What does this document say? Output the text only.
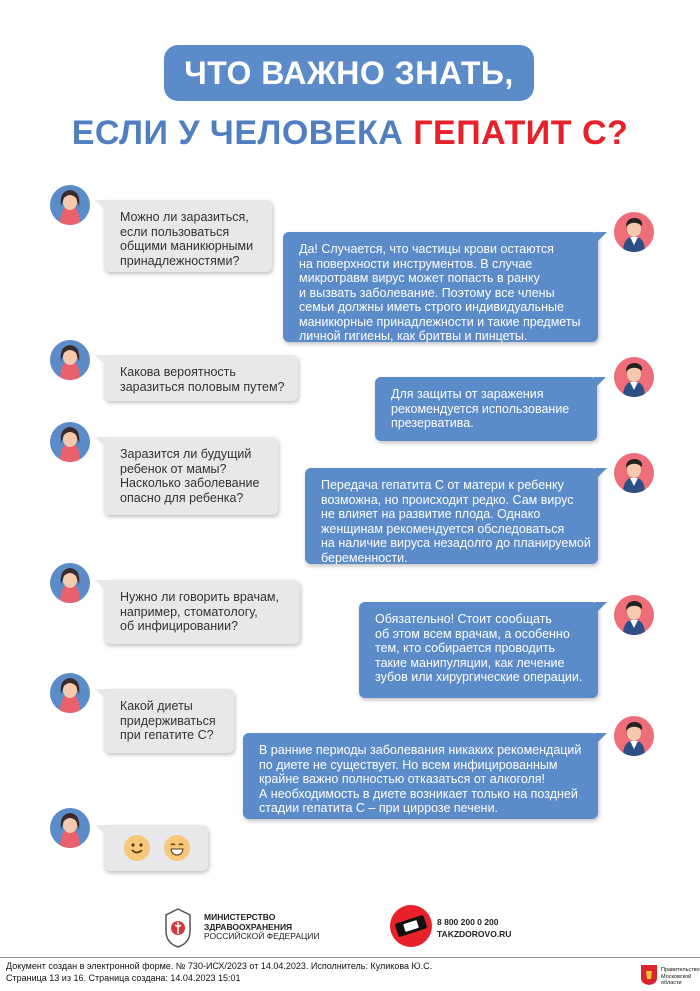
ЧТО ВАЖНО ЗНАТЬ,
ЕСЛИ У ЧЕЛОВЕКА ГЕПАТИТ С?
Можно ли заразиться,
если пользоваться
общими маникюрными
принадлежностями?
Да! Случается, что частицы крови остаются
на поверхности инструментов. В случае
микротравм вирус может попасть в ранку
и вызвать заболевание. Поэтому все члены
семьи должны иметь строго индивидуальные
маникюрные принадлежности и такие предметы
личной гигиены, как бритвы и пинцеты.
Какова вероятность
заразиться половым путем?
Для защиты от заражения
рекомендуется использование
презерватива.
Заразится ли будущий
ребенок от мамы?
Насколько заболевание
опасно для ребенка?
Передача гепатита С от матери к ребенку
возможна, но происходит редко. Сам вирус
не влияет на развитие плода. Однако
женщинам рекомендуется обследоваться
на наличие вируса незадолго до планируемой
беременности.
Нужно ли говорить врачам,
например, стоматологу,
об инфицировании?	Обязательно! Стоит сообщать
об этом всем врачам, а особенно
тем, кто собирается проводить
такие манипуляции, как лечение
зубов или хирургические операции.
Какой диеты
придерживаться
при гепатите С?
В ранние периоды заболевания никаких рекомендаций
по диете не существует. Но всем инфицированным
крайне важно полностью отказаться от алкоголя!
А необходимость в диете возникает только на поздней
стадии гепатита С – при циррозе печени.
МИНИСТЕРСТВО
ЗДРАВООХРАНЕНИЯ
РОССИЙСКОЙ ФЕДЕРАЦИИ
8 800 200 0 200
TAKZDOROVO.RU
Документ создан в электронной форме. № 730-ИСХ/2023 от 14.04.2023. Исполнитель: Куликова Ю.С.
Страница 13 из 16. Страница создана: 14.04.2023 15:01
Правительство
Московской области
